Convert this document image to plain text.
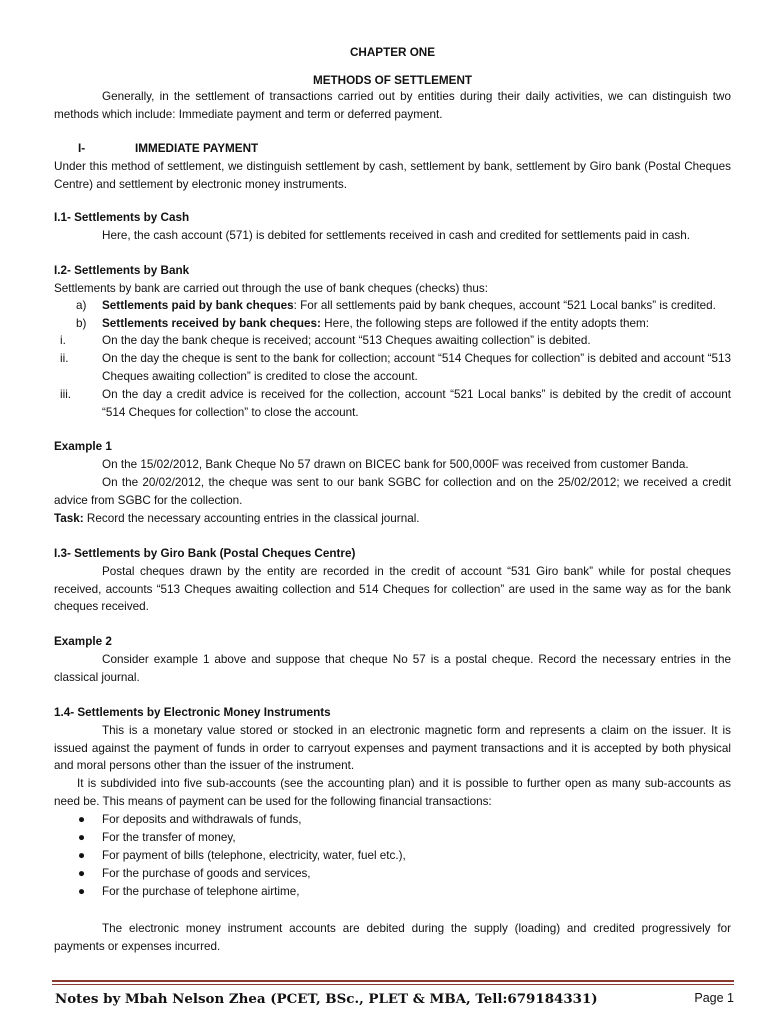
CHAPTER ONE
METHODS OF SETTLEMENT
Generally, in the settlement of transactions carried out by entities during their daily activities, we can distinguish two methods which include: Immediate payment and term or deferred payment.
I-	IMMEDIATE PAYMENT
Under this method of settlement, we distinguish settlement by cash, settlement by bank, settlement by Giro bank (Postal Cheques Centre) and settlement by electronic money instruments.
I.1- Settlements by Cash
Here, the cash account (571) is debited for settlements received in cash and credited for settlements paid in cash.
I.2- Settlements by Bank
Settlements by bank are carried out through the use of bank cheques (checks) thus:
a) Settlements paid by bank cheques: For all settlements paid by bank cheques, account “521 Local banks” is credited.
b) Settlements received by bank cheques: Here, the following steps are followed if the entity adopts them:
i.	On the day the bank cheque is received; account “513 Cheques awaiting collection” is debited.
ii.	On the day the cheque is sent to the bank for collection; account “514 Cheques for collection” is debited and account “513 Cheques awaiting collection” is credited to close the account.
iii.	On the day a credit advice is received for the collection, account “521 Local banks” is debited by the credit of account “514 Cheques for collection” to close the account.
Example 1
On the 15/02/2012, Bank Cheque No 57 drawn on BICEC bank for 500,000F was received from customer Banda.
On the 20/02/2012, the cheque was sent to our bank SGBC for collection and on the 25/02/2012; we received a credit advice from SGBC for the collection.
Task: Record the necessary accounting entries in the classical journal.
I.3- Settlements by Giro Bank (Postal Cheques Centre)
Postal cheques drawn by the entity are recorded in the credit of account “531 Giro bank” while for postal cheques received, accounts “513 Cheques awaiting collection and 514 Cheques for collection” are used in the same way as for the bank cheques received.
Example 2
Consider example 1 above and suppose that cheque No 57 is a postal cheque. Record the necessary entries in the classical journal.
1.4- Settlements by Electronic Money Instruments
This is a monetary value stored or stocked in an electronic magnetic form and represents a claim on the issuer. It is issued against the payment of funds in order to carryout expenses and payment transactions and it is accepted by both physical and moral persons other than the issuer of the instrument.
It is subdivided into five sub-accounts (see the accounting plan) and it is possible to further open as many sub-accounts as need be. This means of payment can be used for the following financial transactions:
● For deposits and withdrawals of funds,
● For the transfer of money,
● For payment of bills (telephone, electricity, water, fuel etc.),
● For the purchase of goods and services,
● For the purchase of telephone airtime,
The electronic money instrument accounts are debited during the supply (loading) and credited progressively for payments or expenses incurred.
Notes by Mbah Nelson Zhea (PCET, BSc., PLET & MBA, Tell:679184331)	Page 1
